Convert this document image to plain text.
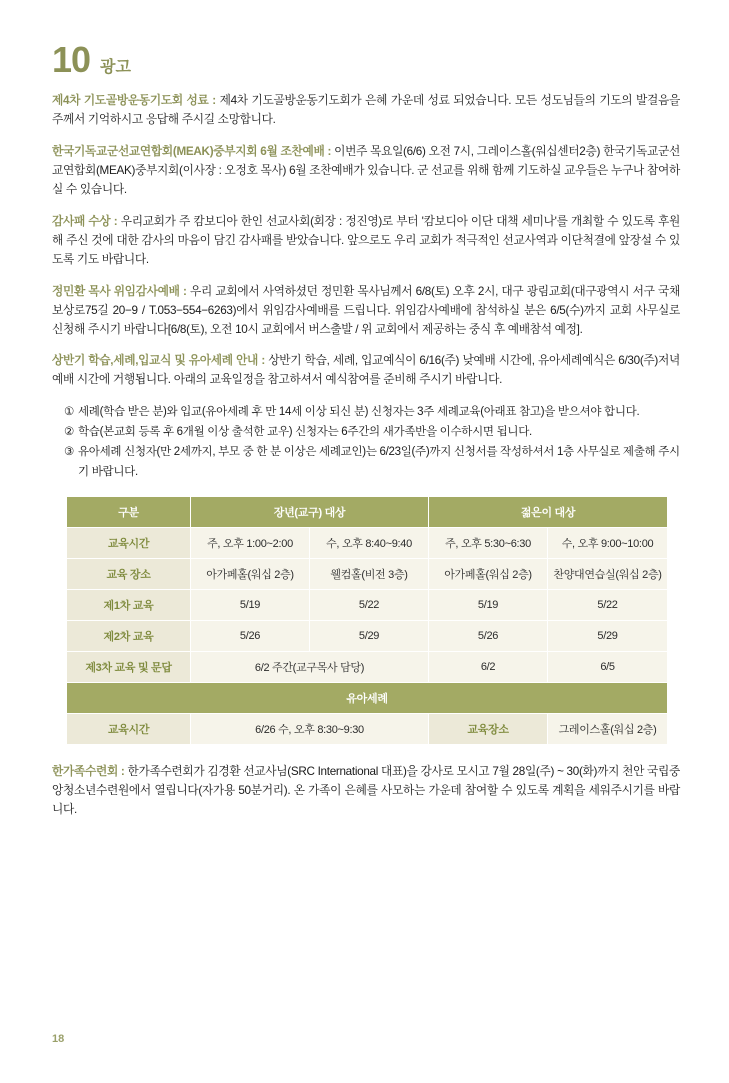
10 광고
제4차 기도골방운동기도회 성료 : 제4차 기도골방운동기도회가 은혜 가운데 성료 되었습니다. 모든 성도님들의 기도의 발걸음을 주께서 기억하시고 응답해 주시길 소망합니다.
한국기독교군선교연합회(MEAK)중부지회 6월 조찬예배 : 이번주 목요일(6/6) 오전 7시, 그레이스홀(워십센터2층) 한국기독교군선교연합회(MEAK)중부지회(이사장 : 오정호 목사) 6월 조찬예배가 있습니다. 군 선교를 위해 함께 기도하실 교우들은 누구나 참여하실 수 있습니다.
감사패 수상 : 우리교회가 주 캄보디아 한인 선교사회(회장 : 정진영)로 부터 '캄보디아 이단 대책 세미나'를 개최할 수 있도록 후원해 주신 것에 대한 감사의 마음이 담긴 감사패를 받았습니다. 앞으로도 우리 교회가 적극적인 선교사역과 이단척결에 앞장설 수 있도록 기도 바랍니다.
정민환 목사 위임감사예배 : 우리 교회에서 사역하셨던 정민환 목사님께서 6/8(토) 오후 2시, 대구 광림교회(대구광역시 서구 국채보상로75길 20−9 / T.053−554−6263)에서 위임감사예배를 드립니다. 위임감사예배에 참석하실 분은 6/5(수)까지 교회 사무실로 신청해 주시기 바랍니다[6/8(토), 오전 10시 교회에서 버스출발 / 위 교회에서 제공하는 중식 후 예배참석 예정].
상반기 학습,세례,입교식 및 유아세례 안내 : 상반기 학습, 세례, 입교예식이 6/16(주) 낮예배 시간에, 유아세례예식은 6/30(주)저녁예배 시간에 거행됩니다. 아래의 교육일정을 참고하셔서 예식참여를 준비해 주시기 바랍니다.
① 세례(학습 받은 분)와 입교(유아세례 후 만 14세 이상 되신 분) 신청자는 3주 세례교육(아래표 참고)을 받으셔야 합니다.
② 학습(본교회 등록 후 6개월 이상 출석한 교우) 신청자는 6주간의 새가족반을 이수하시면 됩니다.
③ 유아세례 신청자(만 2세까지, 부모 중 한 분 이상은 세례교인)는 6/23일(주)까지 신청서를 작성하셔서 1층 사무실로 제출해 주시기 바랍니다.
구분	장년(교구) 대상		젊은이 대상	
교육시간	주, 오후 1:00~2:00	수, 오후 8:40~9:40	주, 오후 5:30~6:30	수, 오후 9:00~10:00
교육 장소	아가페홀(워십 2층)	웰컴홀(비전 3층)	아가페홀(워십 2층)	찬양대연습실(워십 2층)
제1차 교육	5/19	5/22	5/19	5/22
제2차 교육	5/26	5/29	5/26	5/29
제3차 교육 및 문답	6/2 주간(교구목사 담당)		6/2	6/5
유아세례				
교육시간	6/26 수, 오후 8:30~9:30		교육장소	그레이스홀(워십 2층)
한가족수련회 : 한가족수련회가 김경환 선교사님(SRC International 대표)을 강사로 모시고 7월 28일(주) ~ 30(화)까지 천안 국립중앙청소년수련원에서 열립니다(자가용 50분거리). 온 가족이 은혜를 사모하는 가운데 참여할 수 있도록 계획을 세워주시기를 바랍니다.
18
